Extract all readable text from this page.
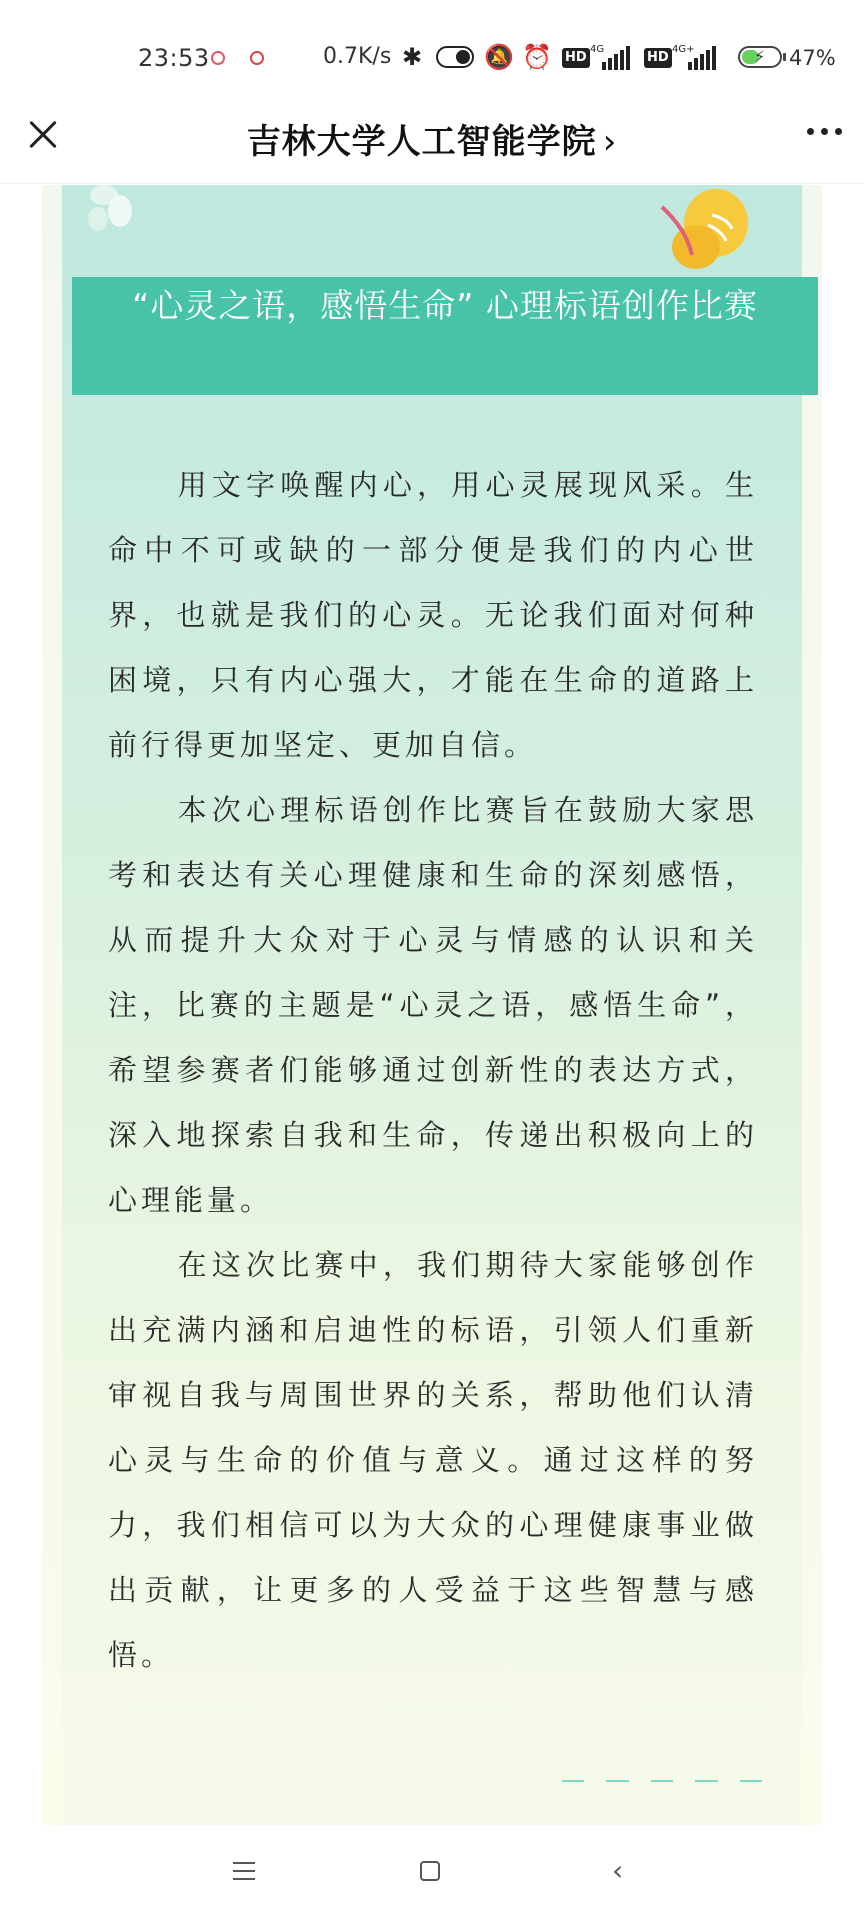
23:53	0.7K/s ✱	🔕 ⏰ HD
4G
HD
4G+	⚡ 47%
吉林大学人工智能学院 ›
“心灵之语，感悟生命” 心理标语创作比赛

用文字唤醒内心，用心灵展现风采。生命中不可或缺的一部分便是我们的内心世界，也就是我们的心灵。无论我们面对何种困境，只有内心强大，才能在生命的道路上前行得更加坚定、更加自信。

本次心理标语创作比赛旨在鼓励大家思考和表达有关心理健康和生命的深刻感悟，从而提升大众对于心灵与情感的认识和关注，比赛的主题是“心灵之语，感悟生命”，希望参赛者们能够通过创新性的表达方式，深入地探索自我和生命，传递出积极向上的心理能量。

在这次比赛中，我们期待大家能够创作出充满内涵和启迪性的标语，引领人们重新审视自我与周围世界的关系，帮助他们认清心灵与生命的价值与意义。通过这样的努力，我们相信可以为大众的心理健康事业做出贡献，让更多的人受益于这些智慧与感悟。

‹
